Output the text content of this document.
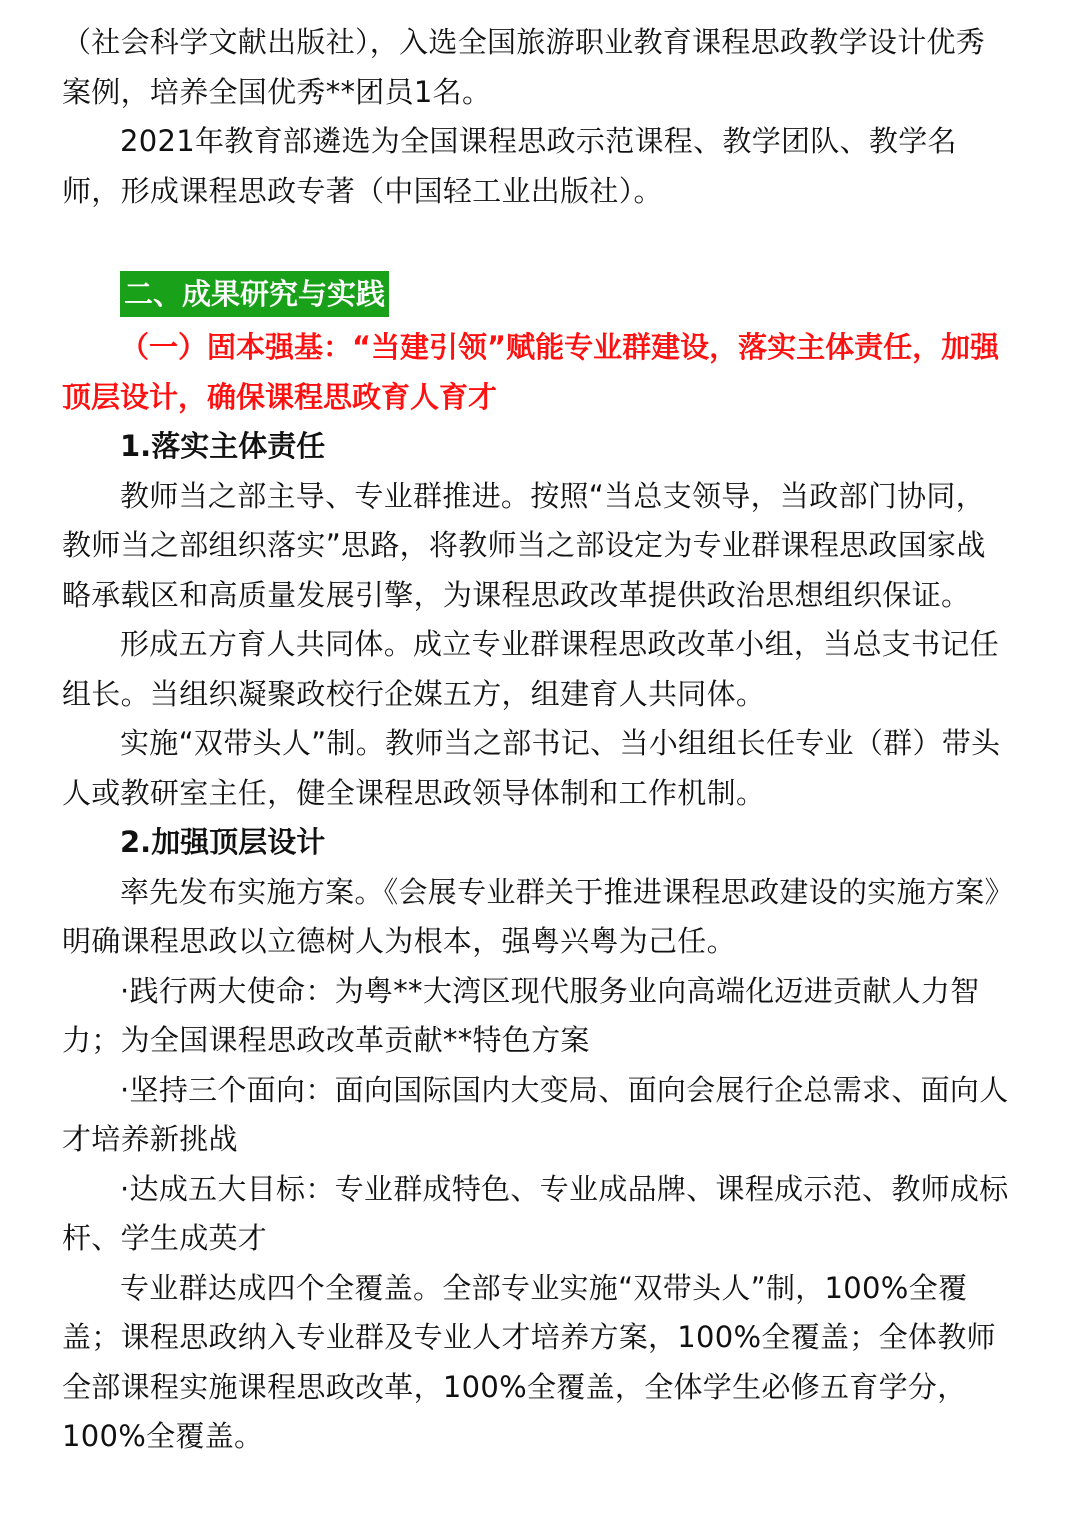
（社会科学文献出版社），入选全国旅游职业教育课程思政教学设计优秀案例，培养全国优秀**团员1名。

2021年教育部遴选为全国课程思政示范课程、教学团队、教学名师，形成课程思政专著（中国轻工业出版社）。

二、成果研究与实践

（一）固本强基：“当建引领”赋能专业群建设，落实主体责任，加强顶层设计，确保课程思政育人育才

1.落实主体责任

教师当之部主导、专业群推进。按照“当总支领导，当政部门协同，教师当之部组织落实”思路，将教师当之部设定为专业群课程思政国家战略承载区和高质量发展引擎，为课程思政改革提供政治思想组织保证。

形成五方育人共同体。成立专业群课程思政改革小组，当总支书记任组长。当组织凝聚政校行企媒五方，组建育人共同体。

实施“双带头人”制。教师当之部书记、当小组组长任专业（群）带头人或教研室主任，健全课程思政领导体制和工作机制。

2.加强顶层设计

率先发布实施方案。《会展专业群关于推进课程思政建设的实施方案》明确课程思政以立德树人为根本，强粤兴粤为己任。

·践行两大使命：为粤**大湾区现代服务业向高端化迈进贡献人力智力；为全国课程思政改革贡献**特色方案

·坚持三个面向：面向国际国内大变局、面向会展行企总需求、面向人才培养新挑战

·达成五大目标：专业群成特色、专业成品牌、课程成示范、教师成标杆、学生成英才

专业群达成四个全覆盖。全部专业实施“双带头人”制，100%全覆盖；课程思政纳入专业群及专业人才培养方案，100%全覆盖；全体教师全部课程实施课程思政改革，100%全覆盖，全体学生必修五育学分，100%全覆盖。
